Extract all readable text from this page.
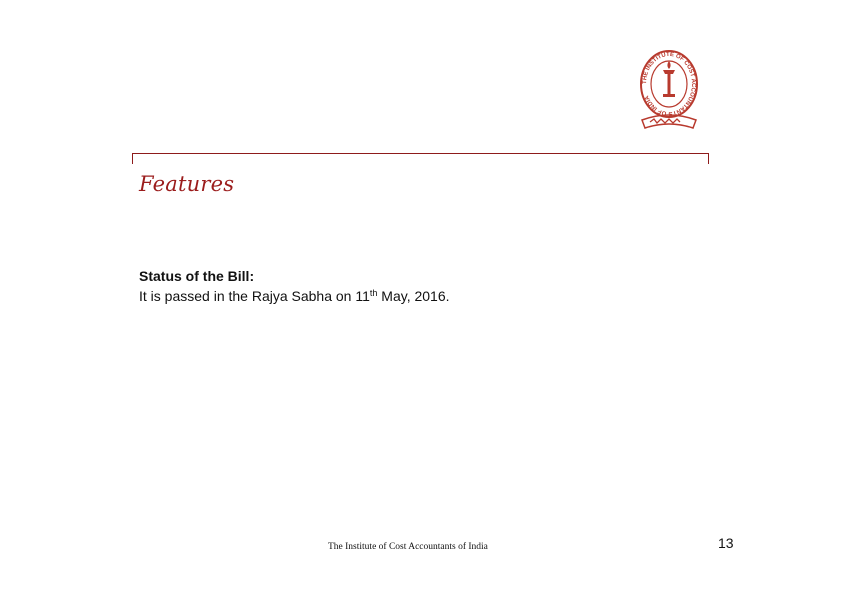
THE INSTITUTE OF COST ACCOUNTANTS OF INDIA
Features
Status of the Bill:
It is passed in the Rajya Sabha on 11th May, 2016.
The Institute of Cost Accountants of India	13
